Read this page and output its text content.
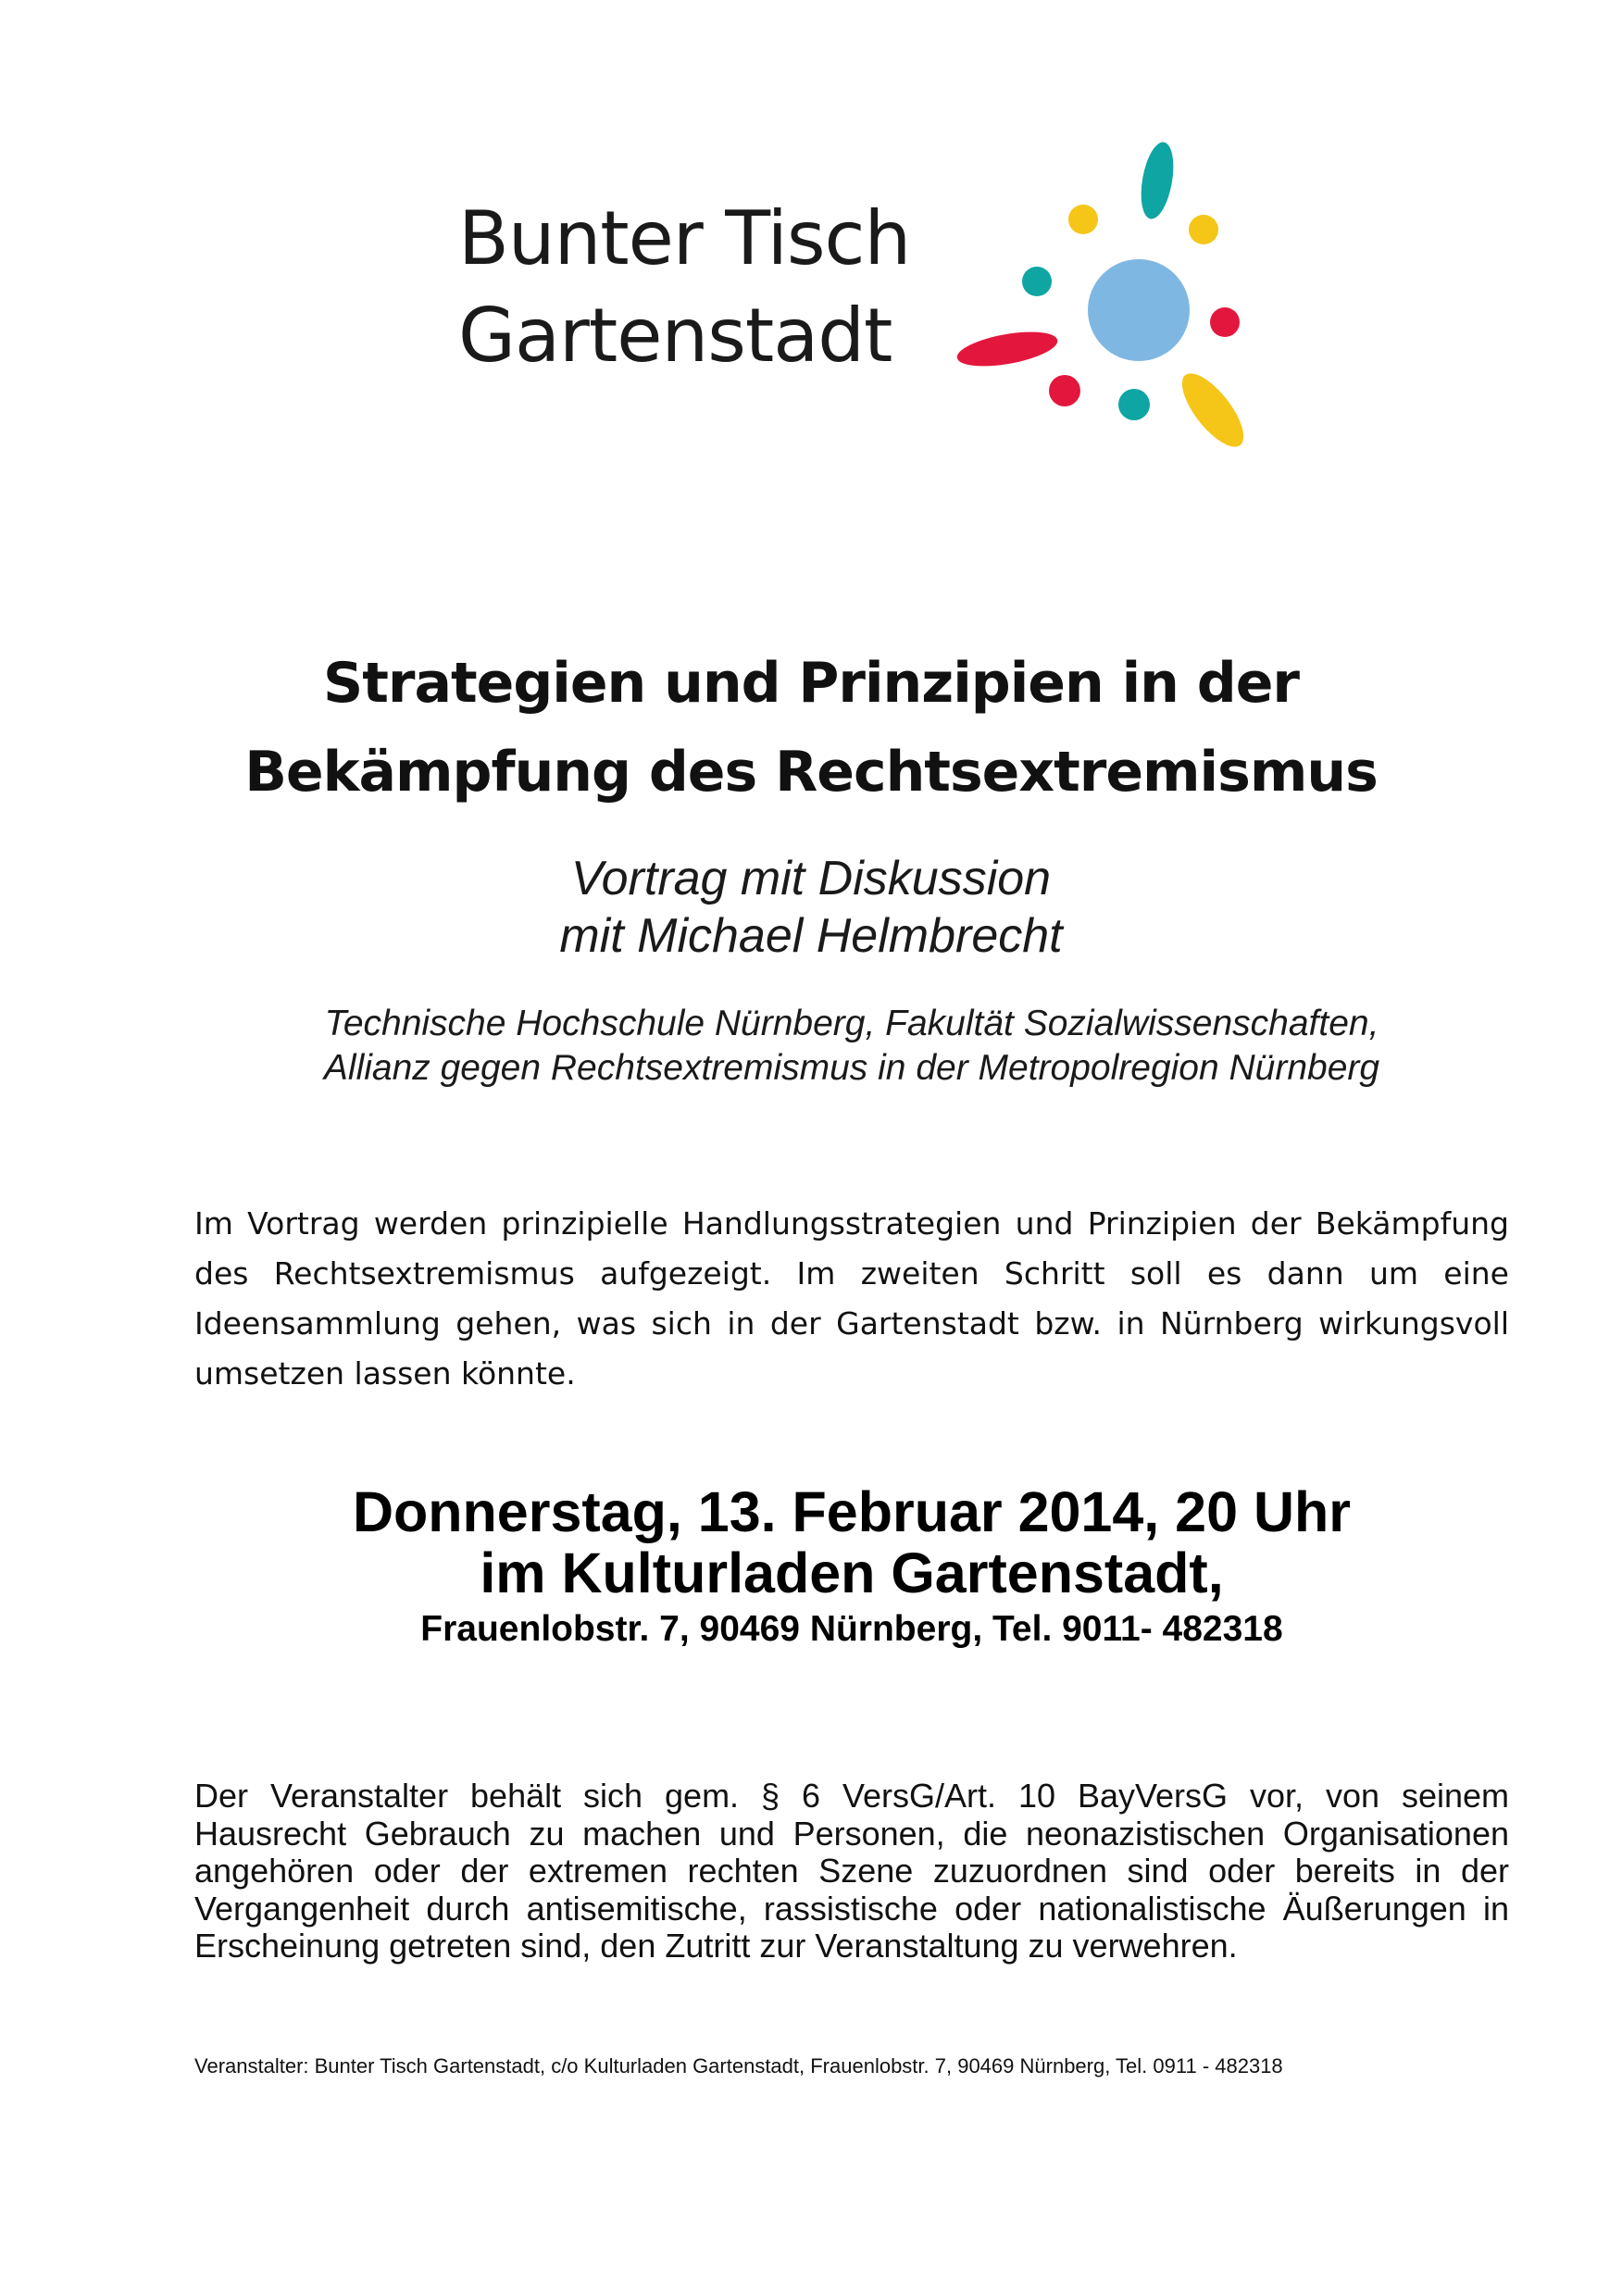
Bunter Tisch
Gartenstadt
Strategien und Prinzipien in der
Bekämpfung des Rechtsextremismus
Vortrag mit Diskussion
mit Michael Helmbrecht
Technische Hochschule Nürnberg, Fakultät Sozialwissenschaften,
Allianz gegen Rechtsextremismus in der Metropolregion Nürnberg
Im Vortrag werden prinzipielle Handlungsstrategien und Prinzipien der Bekämpfung des Rechtsextremismus aufgezeigt. Im zweiten Schritt soll es dann um eine Ideensammlung gehen, was sich in der Gartenstadt bzw. in Nürnberg wirkungsvoll umsetzen lassen könnte.
Donnerstag, 13. Februar 2014, 20 Uhr
im Kulturladen Gartenstadt,
Frauenlobstr. 7, 90469 Nürnberg, Tel. 9011- 482318
Der Veranstalter behält sich gem. § 6 VersG/Art. 10 BayVersG vor, von seinem Hausrecht Gebrauch zu machen und Personen, die neonazistischen Organisationen angehören oder der extremen rechten Szene zuzuordnen sind oder bereits in der Vergangenheit durch antisemitische, rassistische oder nationalistische Äußerungen in Erscheinung getreten sind, den Zutritt zur Veranstaltung zu verwehren.
Veranstalter: Bunter Tisch Gartenstadt, c/o Kulturladen Gartenstadt, Frauenlobstr. 7, 90469 Nürnberg, Tel. 0911 - 482318
